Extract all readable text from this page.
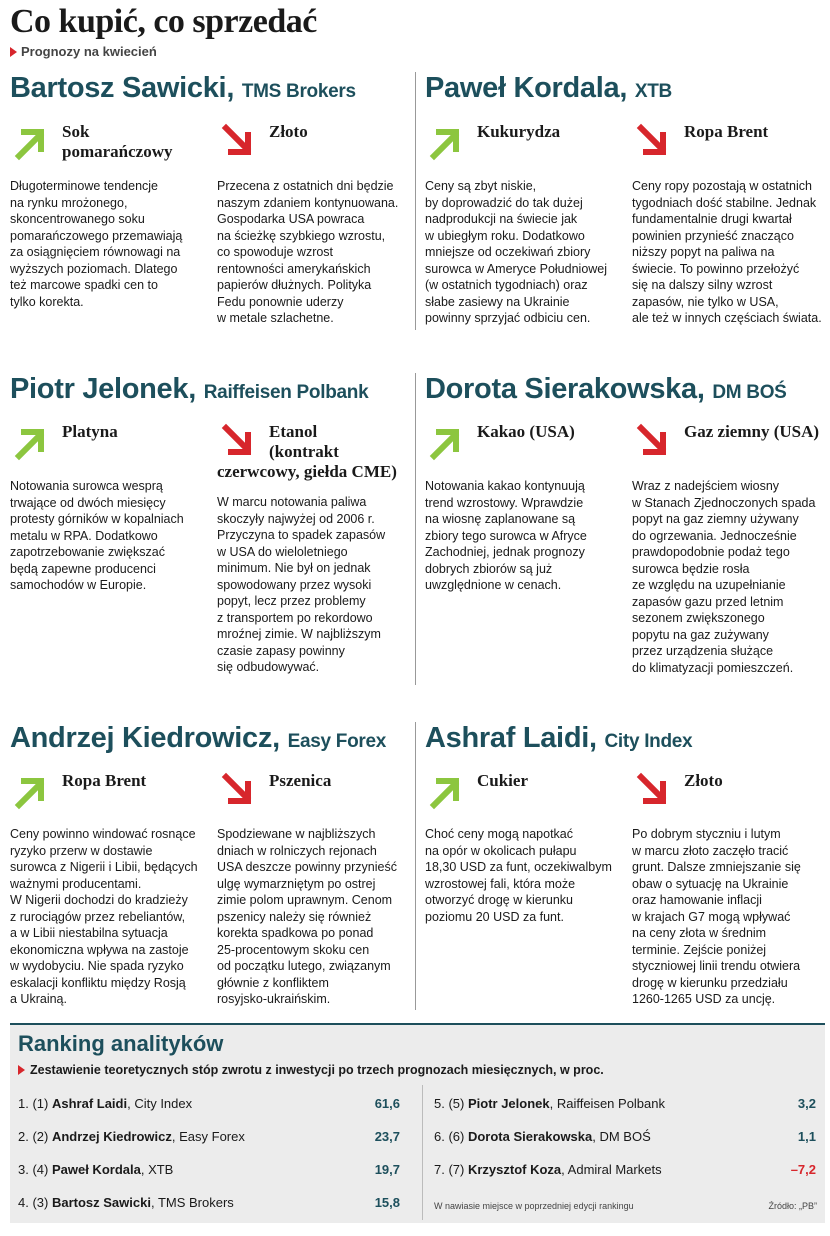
Co kupić, co sprzedać
Prognozy na kwiecień
Bartosz Sawicki, TMS Brokers
Sok
pomarańczowy

Długoterminowe tendencje

na rynku mrożonego,

skoncentrowanego soku

pomarańczowego przemawiają

za osiągnięciem równowagi na

wyższych poziomach. Dlatego

też marcowe spadki cen to

tylko korekta.

Złoto

Przecena z ostatnich dni będzie

naszym zdaniem kontynuowana.

Gospodarka USA powraca

na ścieżkę szybkiego wzrostu,

co spowoduje wzrost

rentowności amerykańskich

papierów dłużnych. Polityka

Fedu ponownie uderzy

w metale szlachetne.

Paweł Kordala, XTB
Kukurydza

Ceny są zbyt niskie,

by doprowadzić do tak dużej

nadprodukcji na świecie jak

w ubiegłym roku. Dodatkowo

mniejsze od oczekiwań zbiory

surowca w Ameryce Południowej

(w ostatnich tygodniach) oraz

słabe zasiewy na Ukrainie

powinny sprzyjać odbiciu cen.

Ropa Brent

Ceny ropy pozostają w ostatnich

tygodniach dość stabilne. Jednak

fundamentalnie drugi kwartał

powinien przynieść znacząco

niższy popyt na paliwa na

świecie. To powinno przełożyć

się na dalszy silny wzrost

zapasów, nie tylko w USA,

ale też w innych częściach świata.

Piotr Jelonek, Raiffeisen Polbank
Platyna

Notowania surowca wesprą

trwające od dwóch miesięcy

protesty górników w kopalniach

metalu w RPA. Dodatkowo

zapotrzebowanie zwiększać

będą zapewne producenci

samochodów w Europie.

Etanol
(kontrakt
czerwcowy, giełda CME)

W marcu notowania paliwa

skoczyły najwyżej od 2006 r.

Przyczyna to spadek zapasów

w USA do wieloletniego

minimum. Nie był on jednak

spowodowany przez wysoki

popyt, lecz przez problemy

z transportem po rekordowo

mroźnej zimie. W najbliższym

czasie zapasy powinny

się odbudowywać.

Dorota Sierakowska, DM BOŚ
Kakao (USA)

Notowania kakao kontynuują

trend wzrostowy. Wprawdzie

na wiosnę zaplanowane są

zbiory tego surowca w Afryce

Zachodniej, jednak prognozy

dobrych zbiorów są już

uwzględnione w cenach.

Gaz ziemny (USA)

Wraz z nadejściem wiosny

w Stanach Zjednoczonych spada

popyt na gaz ziemny używany

do ogrzewania. Jednocześnie

prawdopodobnie podaż tego

surowca będzie rosła

ze względu na uzupełnianie

zapasów gazu przed letnim

sezonem zwiększonego

popytu na gaz zużywany

przez urządzenia służące

do klimatyzacji pomieszczeń.

Andrzej Kiedrowicz, Easy Forex
Ropa Brent

Ceny powinno windować rosnące

ryzyko przerw w dostawie

surowca z Nigerii i Libii, będących

ważnymi producentami.

W Nigerii dochodzi do kradzieży

z rurociągów przez rebeliantów,

a w Libii niestabilna sytuacja

ekonomiczna wpływa na zastoje

w wydobyciu. Nie spada ryzyko

eskalacji konfliktu między Rosją

a Ukrainą.

Pszenica

Spodziewane w najbliższych

dniach w rolniczych rejonach

USA deszcze powinny przynieść

ulgę wymarzniętym po ostrej

zimie polom uprawnym. Cenom

pszenicy należy się również

korekta spadkowa po ponad

25-procentowym skoku cen

od początku lutego, związanym

głównie z konfliktem

rosyjsko-ukraińskim.

Ashraf Laidi, City Index
Cukier

Choć ceny mogą napotkać

na opór w okolicach pułapu

18,30 USD za funt, oczekiwalbym

wzrostowej fali, która może

otworzyć drogę w kierunku

poziomu 20 USD za funt.

Złoto

Po dobrym styczniu i lutym

w marcu złoto zaczęło tracić

grunt. Dalsze zmniejszanie się

obaw o sytuację na Ukrainie

oraz hamowanie inflacji

w krajach G7 mogą wpływać

na ceny złota w średnim

terminie. Zejście poniżej

styczniowej linii trendu otwiera

drogę w kierunku przedziału

1260-1265 USD za uncję.

Ranking analityków
Zestawienie teoretycznych stóp zwrotu z inwestycji po trzech prognozach miesięcznych, w proc.
1. (1) Ashraf Laidi, City Index	61,6
2. (2) Andrzej Kiedrowicz, Easy Forex	23,7
3. (4) Paweł Kordala, XTB	19,7
4. (3) Bartosz Sawicki, TMS Brokers	15,8
5. (5) Piotr Jelonek, Raiffeisen Polbank	3,2
6. (6) Dorota Sierakowska, DM BOŚ	1,1
7. (7) Krzysztof Koza, Admiral Markets	–7,2
W nawiasie miejsce w poprzedniej edycji rankingu	Źródło: „PB”
